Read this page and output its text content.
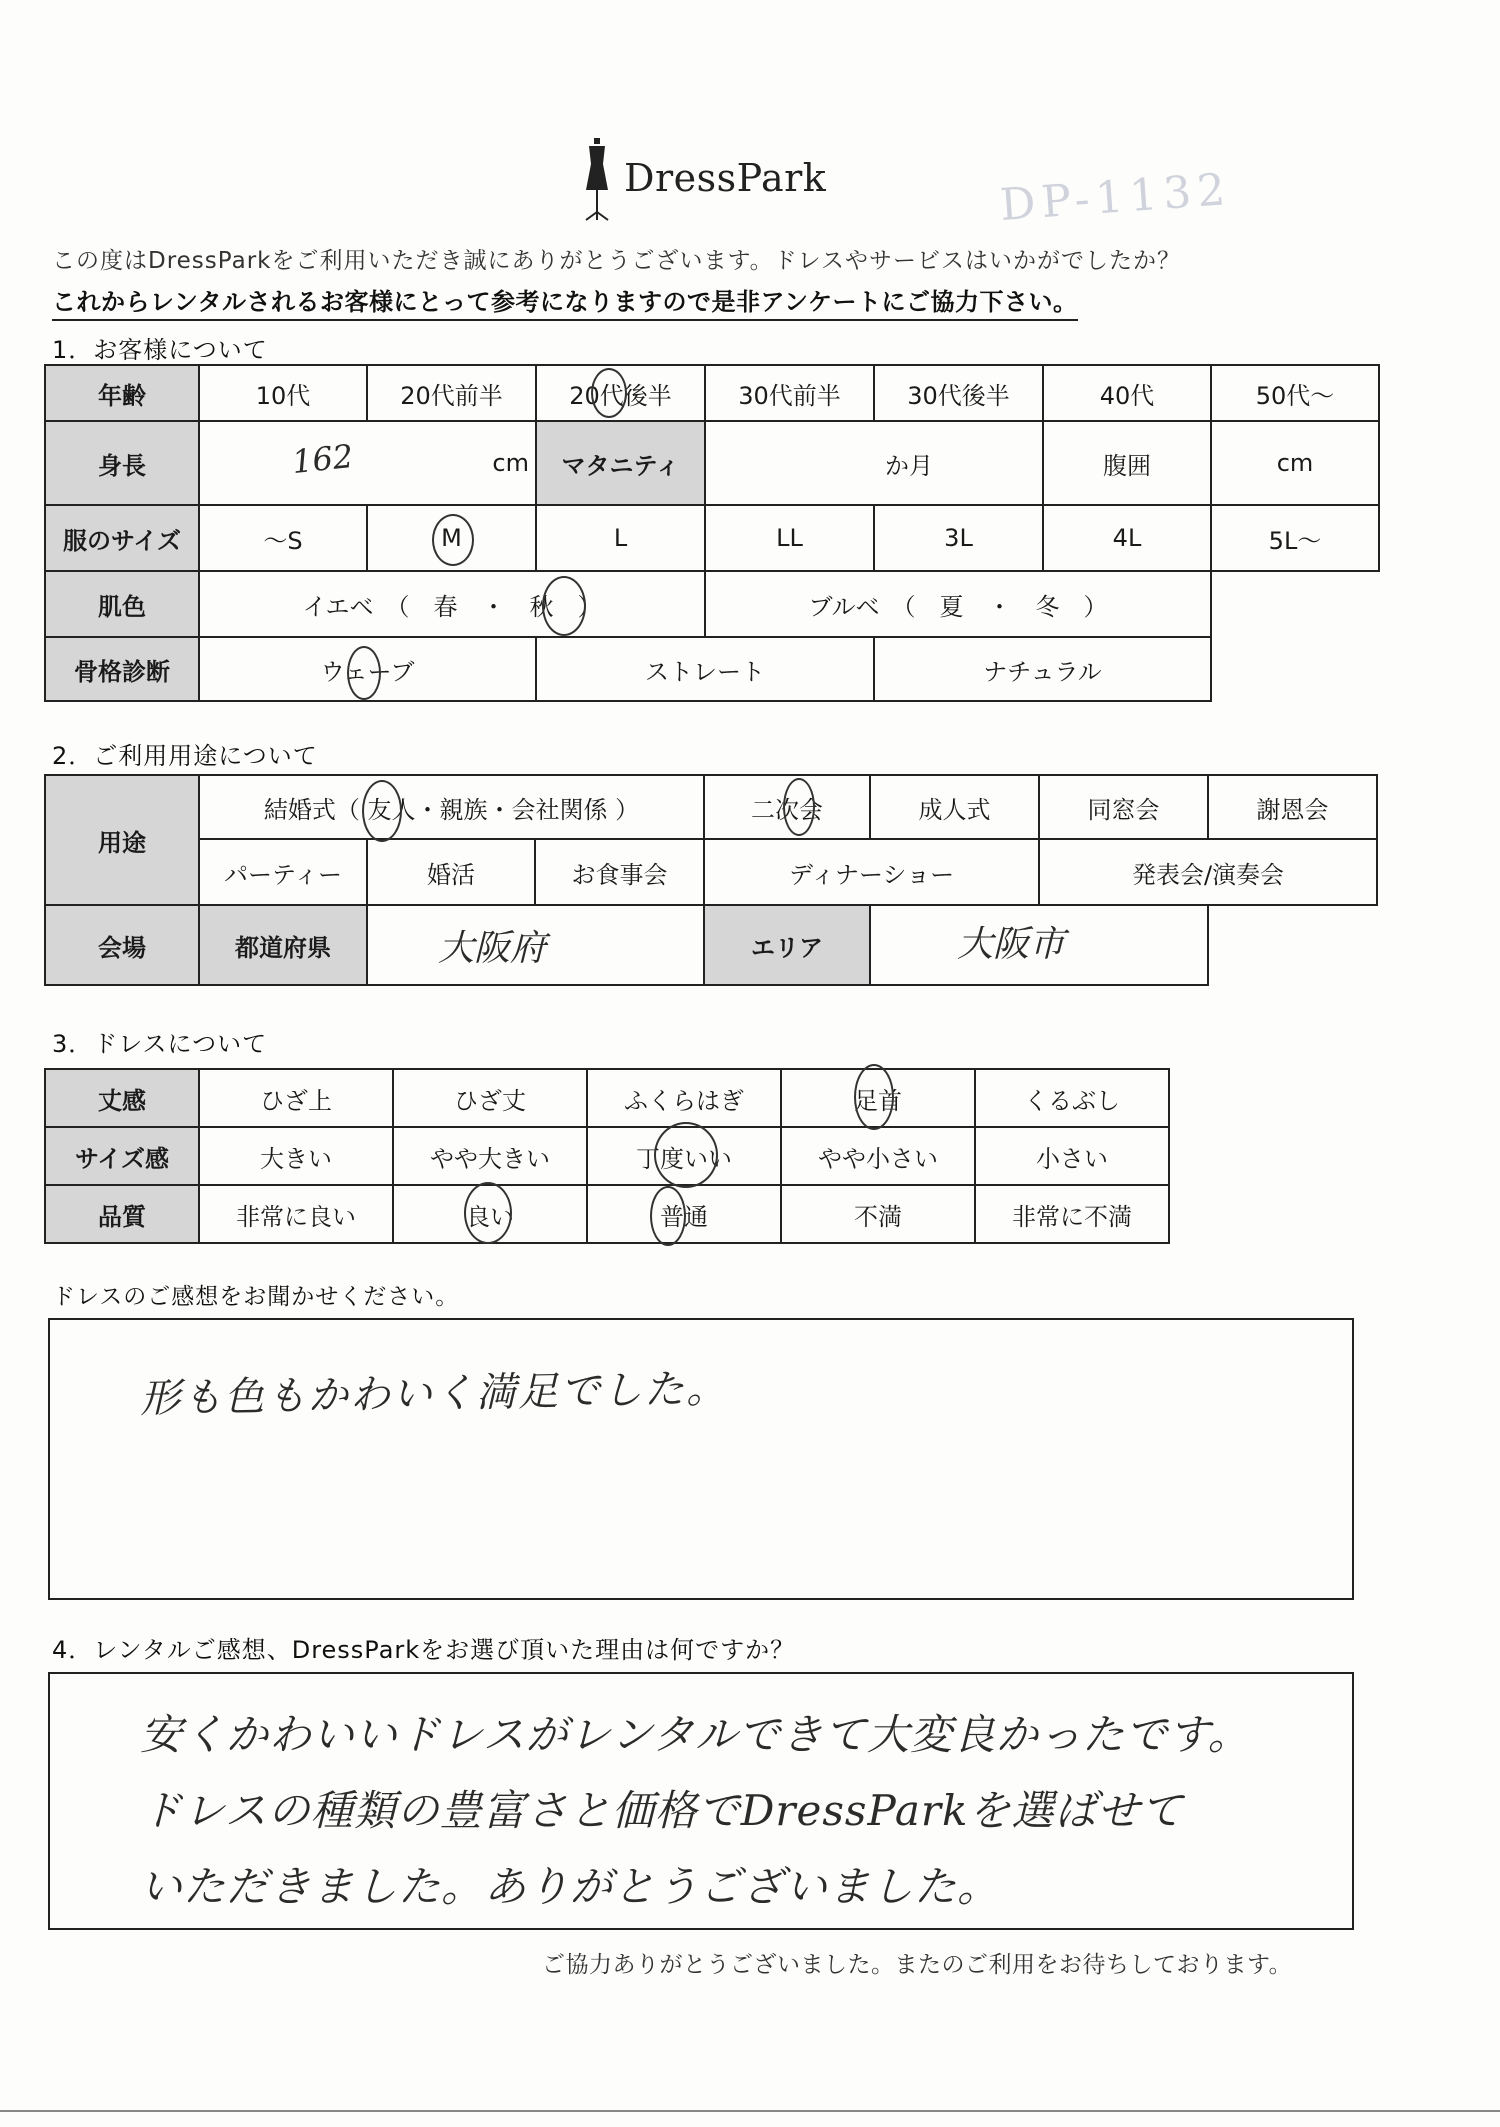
DressPark	DP-1132
この度はDressParkをご利用いただき誠にありがとうございます。ドレスやサービスはいかがでしたか？
これからレンタルされるお客様にとって参考になりますので是非アンケートにご協力下さい。
1．お客様について
年齢	10代	20代前半	20代後半	30代前半	30代後半	40代	50代～
身長	162 cm		マタニティ	か月		腹囲	cm
服のサイズ	～S	M	L	LL	3L	4L	5L～
肌色	イエベ　（　春　・　秋　）			ブルベ　（　夏　・　冬　）			
骨格診断	ウェーブ		ストレート		ナチュラル		
2．ご利用用途について
用途	結婚式（ 友人・親族・会社関係 ）			二次会	成人式	同窓会	謝恩会
	パーティー	婚活	お食事会	ディナーショー		発表会/演奏会	
会場	都道府県	大阪府		エリア	大阪市		

3．ドレスについて
丈感	ひざ上	ひざ丈	ふくらはぎ	足首	くるぶし
サイズ感	大きい	やや大きい	丁度いい	やや小さい	小さい
品質	非常に良い	良い	普通	不満	非常に不満
ドレスのご感想をお聞かせください。
形も色もかわいく満足でした。
4．レンタルご感想、DressParkをお選び頂いた理由は何ですか？
安くかわいいドレスがレンタルできて大変良かったです。
ドレスの種類の豊富さと価格でDressParkを選ばせて
いただきました。ありがとうございました。
ご協力ありがとうございました。またのご利用をお待ちしております。
